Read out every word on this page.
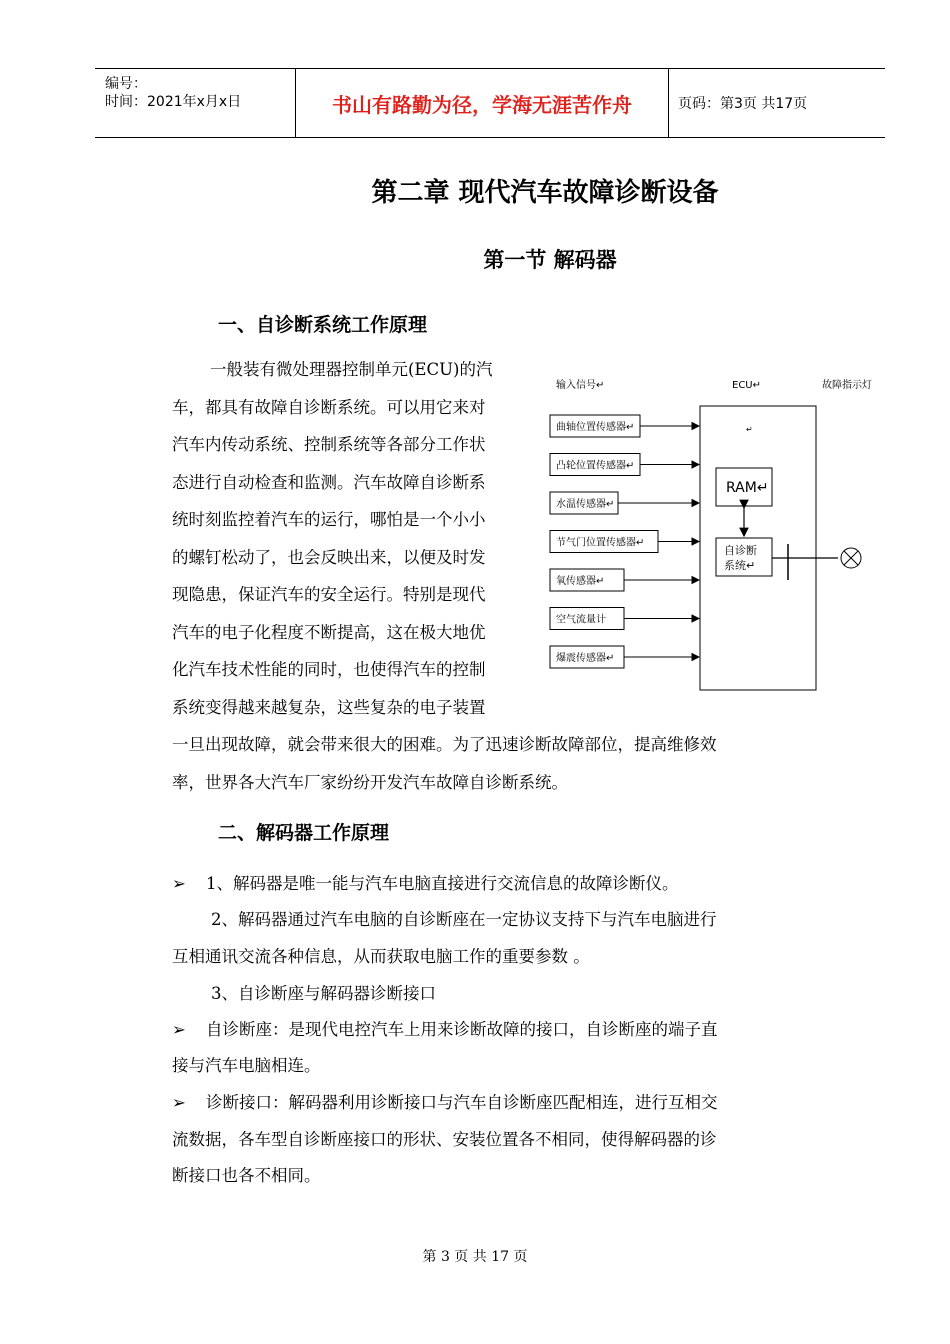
编号：
时间：2021年x月x日	书山有路勤为径，学海无涯苦作舟	页码：第3页 共17页
第二章 现代汽车故障诊断设备
第一节 解码器
一、自诊断系统工作原理
一般装有微处理器控制单元(ECU)的汽
车，都具有故障自诊断系统。可以用它来对
汽车内传动系统、控制系统等各部分工作状
态进行自动检查和监测。汽车故障自诊断系
统时刻监控着汽车的运行，哪怕是一个小小
的螺钉松动了，也会反映出来，以便及时发
现隐患，保证汽车的安全运行。特别是现代
汽车的电子化程度不断提高，这在极大地优
化汽车技术性能的同时，也使得汽车的控制
系统变得越来越复杂，这些复杂的电子装置
一旦出现故障，就会带来很大的困难。为了迅速诊断故障部位，提高维修效
率，世界各大汽车厂家纷纷开发汽车故障自诊断系统。
输入信号↵	ECU↵	故障指示灯
↵
RAM↵
自诊断
系统↵
曲轴位置传感器↵
凸轮位置传感器↵
水温传感器↵
节气门位置传感器↵
氧传感器↵
空气流量计
爆震传感器↵
二、解码器工作原理
➢ 1、解码器是唯一能与汽车电脑直接进行交流信息的故障诊断仪。
2、解码器通过汽车电脑的自诊断座在一定协议支持下与汽车电脑进行
互相通讯交流各种信息，从而获取电脑工作的重要参数 。
3、自诊断座与解码器诊断接口
➢ 自诊断座：是现代电控汽车上用来诊断故障的接口，自诊断座的端子直
接与汽车电脑相连。
➢ 诊断接口：解码器利用诊断接口与汽车自诊断座匹配相连，进行互相交
流数据，各车型自诊断座接口的形状、安装位置各不相同，使得解码器的诊
断接口也各不相同。
第 3 页 共 17 页
